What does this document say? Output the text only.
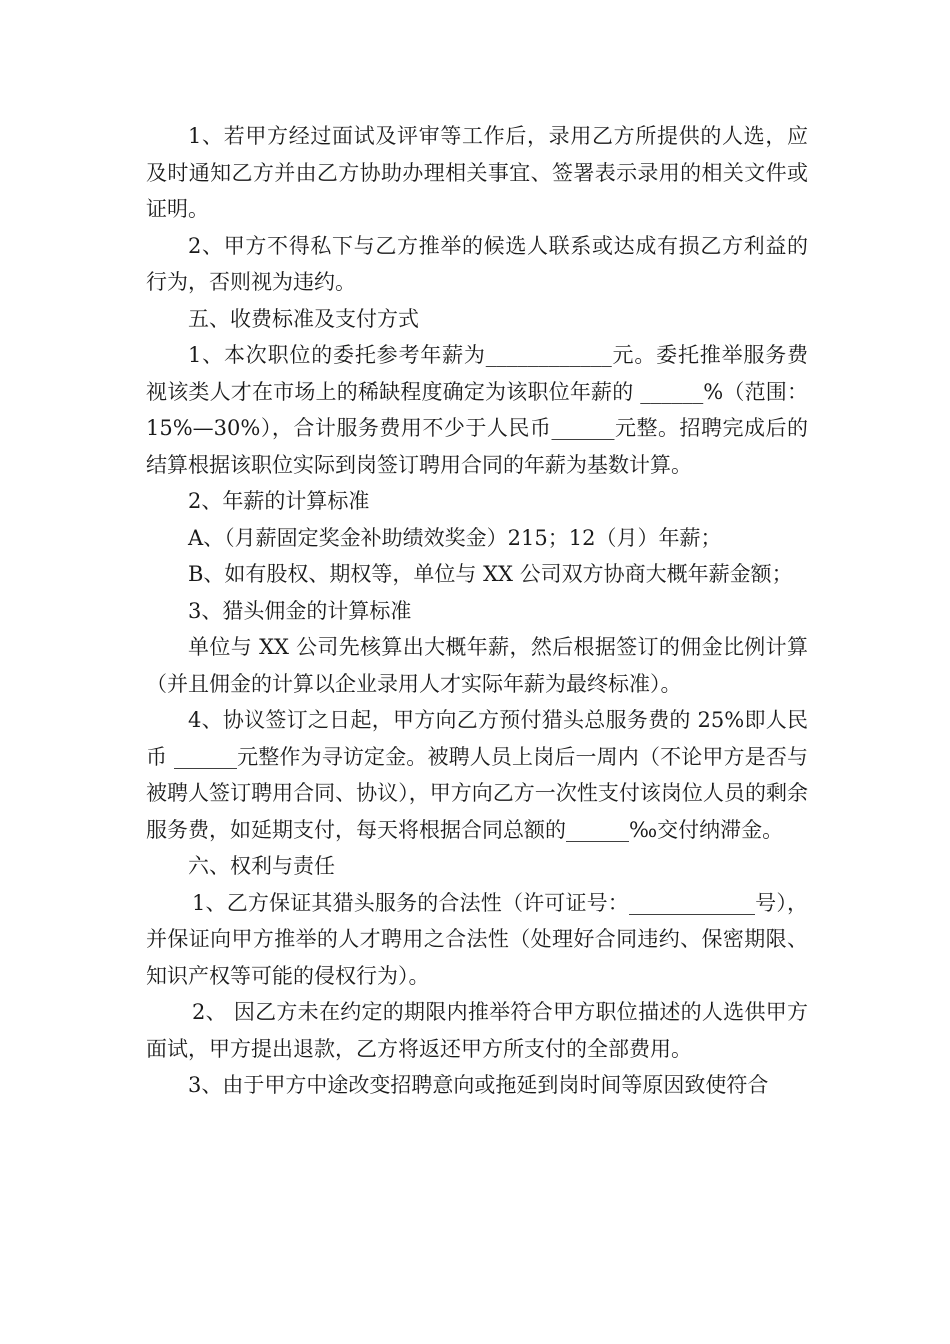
1、若甲方经过面试及评审等工作后，录用乙方所提供的人选，应及时通知乙方并由乙方协助办理相关事宜、签署表示录用的相关文件或证明。

2、甲方不得私下与乙方推举的候选人联系或达成有损乙方利益的行为，否则视为违约。

五、收费标准及支付方式

1、本次职位的委托参考年薪为____________元。委托推举服务费视该类人才在市场上的稀缺程度确定为该职位年薪的 ______%（范围：15%—30%），合计服务费用不少于人民币______元整。招聘完成后的结算根据该职位实际到岗签订聘用合同的年薪为基数计算。

2、年薪的计算标准

A、（月薪固定奖金补助绩效奖金）215；12（月）年薪；

B、如有股权、期权等，单位与 XX 公司双方协商大概年薪金额；

3、猎头佣金的计算标准

单位与 XX 公司先核算出大概年薪，然后根据签订的佣金比例计算（并且佣金的计算以企业录用人才实际年薪为最终标准）。

4、协议签订之日起，甲方向乙方预付猎头总服务费的 25%即人民币 ______元整作为寻访定金。被聘人员上岗后一周内（不论甲方是否与被聘人签订聘用合同、协议），甲方向乙方一次性支付该岗位人员的剩余服务费，如延期支付，每天将根据合同总额的______‰交付纳滞金。

六、权利与责任

1、乙方保证其猎头服务的合法性（许可证号：____________号），并保证向甲方推举的人才聘用之合法性（处理好合同违约、保密期限、知识产权等可能的侵权行为）。

2、 因乙方未在约定的期限内推举符合甲方职位描述的人选供甲方面试，甲方提出退款，乙方将返还甲方所支付的全部费用。

3、由于甲方中途改变招聘意向或拖延到岗时间等原因致使符合
